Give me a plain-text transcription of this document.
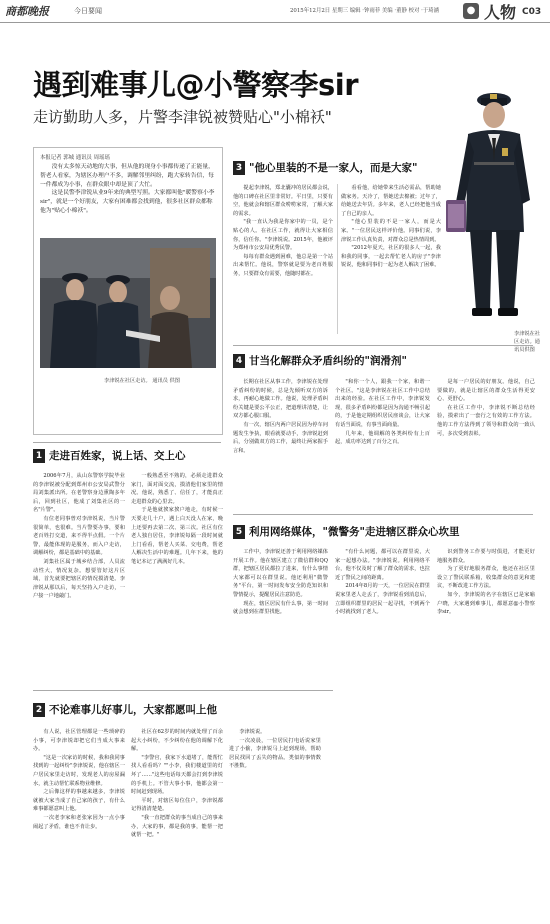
商都晚报	今日要闻	2015年12月2日 星期三 编辑 ·钟雨菲 美编 ·董静 校对 ·于琦涵	● 人物 C03
遇到难事儿@小警察李sir
走访勤助人多，片警李津锐被赞贴心"小棉袄"
李津锐在社区走访。通讯员供图
本报记者 郭城 通讯员 周瑶瑶

没有太多惊天动地的大事，但从他的现身小事都传递了正能量，帮老人看家，为辖区办理户不多，调解邻里纠纷，跑大家转告信，每一件都成为小事，在群众眼中却是顶了大忙。

这是民警李津锐从业9年来的典型写照。大家都叫他"暖警察小李sir"，就是一个好朋友，大家有困难都会找到他，很多社区群众都称他为"贴心小棉袄"。

李津锐在社区走访。 通讯员 供图
3 "他心里装的不是一家人，而是大家"

提起李津锐，郑北囊冲的居民都会说，他的口碑在社区里非常好。平日里，只要有空，他就会和辖区群众唠唠家常，了解大家的需求。

"我一直认为我是你家中的一员，是个贴心的人。在社区工作，就得让大家相信你，信任你。"李津锐说。2015年，他被评为郑州市公安局优秀民警。

每每有群众遇到困难，他总是第一个站出来帮忙。他说，警察就是要为老百姓服务，只要群众有需要，他随时都在。

看看他，给她带来生活必需品，帮助她做家务。天冷了，帮她送去棉被；过年了，给她送去年货。多年来，老人已经把他当成了自己的亲人。

"他心里装的不是一家人，而是大家。"一位居民这样评价他。同事们说，李津锐工作认真负责，对群众总是热情周到。

"2012年夏天，社区的很多人一起，我和我的同事，一起去帮忙老人的房子"李津锐说，他和同事们一起为老人解决了困难。

4 甘当化解群众矛盾纠纷的"润滑剂"

长期在社区从事工作，李津锐在处理矛盾纠纷的时候，总是先倾听双方的诉求，再耐心地做工作。他说，处理矛盾纠纷关键是要公平公正，把道理讲清楚，让双方都心服口服。

有一次，辖区内两户居民因为停车问题发生争执，眼看就要动手，李津锐赶到后，分别做双方的工作，最终让两家握手言和。

"和你一个人，跟我一个家，和谐一个社区。"这是李津锐在社区工作中总结出来的经验。在社区工作中，李津锐发现，很多矛盾纠纷都是因为沟通不畅引起的，于是他定期组织居民座谈会，让大家有话当面说，有事当面商量。

几年来，他调解的各类纠纷有上百起，成功率达到了百分之百。

是每一户居民的好朋友。他说，自己要做的，就是让辖区的群众生活得更安心、更舒心。

在社区工作中，李津锐不断总结经验，摸索出了一套行之有效的工作方法。他的工作方法得到了领导和群众的一致认可，多次受到表彰。

1 走进百姓家，说上话、交上心

2006年7月，从山东警察学院毕业的李津锐被分配到郑州市公安局武警分局刘集派出所。在老警察身边熏陶多年后，回到社区，他成了刘集社区的一名"片警"。

有位老同事曾对李津锐说，当片警很简单，也很难。当片警要办事，要和老百姓打交道，来不得半点假。一个片警，最能体现的是服务，而入户走访，调解纠纷，都是基础中的基础。

刘集社区属于城乡结合部，人员流动性大，情况复杂。想要管好这片区域，首先就要把辖区的情况摸清楚。李津锐从那以后，每天坚持入户走访，一户接一户地敲门。

一般熟悉至不熟的，必须走进群众家门，面对面交流，摸清他们家里的情况。他说，熟悉了、信任了，才能真正走进群众的心里去。

于是他就挨家挨户地走，有时候一天要走几十户，遇上白天没人在家，晚上还要再去第二次、第三次。社区有位老人独自居住，李津锐每隔一段时间就上门看看，帮老人买菜、交电费，帮老人解决生活中的难题。几年下来，他的笔记本记了满满好几本。

5 利用网络媒体，"微警务"走进辖区群众心坎里

工作中，李津锐还善于利用网络媒体开展工作。他在辖区建立了微信群和QQ群，把辖区居民都拉了进来，有什么事情大家都可以在群里说。他还利用"微警务"平台，第一时间发布安全防范知识和警情提示，提醒居民注意防范。

现在，辖区居民有什么事，第一时间就会想到在群里找他。

"有什么问题，都可以在群里说，大家一起想办法。"李津锐说。利用网络平台，他不仅及时了解了群众的需求，也拉近了警民之间的距离。

2014年8月的一天，一位居民在群里说家里老人走丢了，李津锐看到消息后，立即组织群里的居民一起寻找，不到两个小时就找到了老人。

识到警务工作要与时俱进，才能更好地服务群众。

为了更好地服务群众，他还在社区里设立了警民联系箱，收集群众的意见和建议，不断改进工作方法。

如今，李津锐的名字在辖区已是家喻户晓，大家遇到难事儿，都愿意@小警察李sir。

2 不论难事儿好事儿，大家都愿叫上他

有人说，社区管理都是一些琐碎的小事，可李津锐却把它们当成大事来办。

"这是一次家访的时候，我和我同事找到的一起纠纷"李津锐说，他在辖区一户居民家里走访时，发现老人的房屋漏水，就主动帮忙联系物业维修。

之后像这样的事越来越多，李津锐就被大家当成了自己家的孩子，有什么难事都愿意叫上他。

一次老李家和老张家因为一点小事闹起了矛盾，谁也不肯让步。

社区在62岁的时间内就处理了百余起大小纠纷，不少纠纷在他的调解下化解。

"李警官，我家下水道堵了，能帮忙找人看看吗？""小李，我们楼道里的灯坏了……"这些电话每天都会打到李津锐的手机上。不管大事小事，他都会第一时间赶到现场。

平时，对辖区每位住户，李津锐都记得清清楚楚。

"我一直把群众的事当成自己的事来办，大家的事，都是我的事，能帮一把就帮一把。"

李津锐说。

一次凌晨，一位居民打电话说家里进了小偷，李津锐马上赶到现场，帮助居民找回了丢失的物品。类似的事情数不胜数。
